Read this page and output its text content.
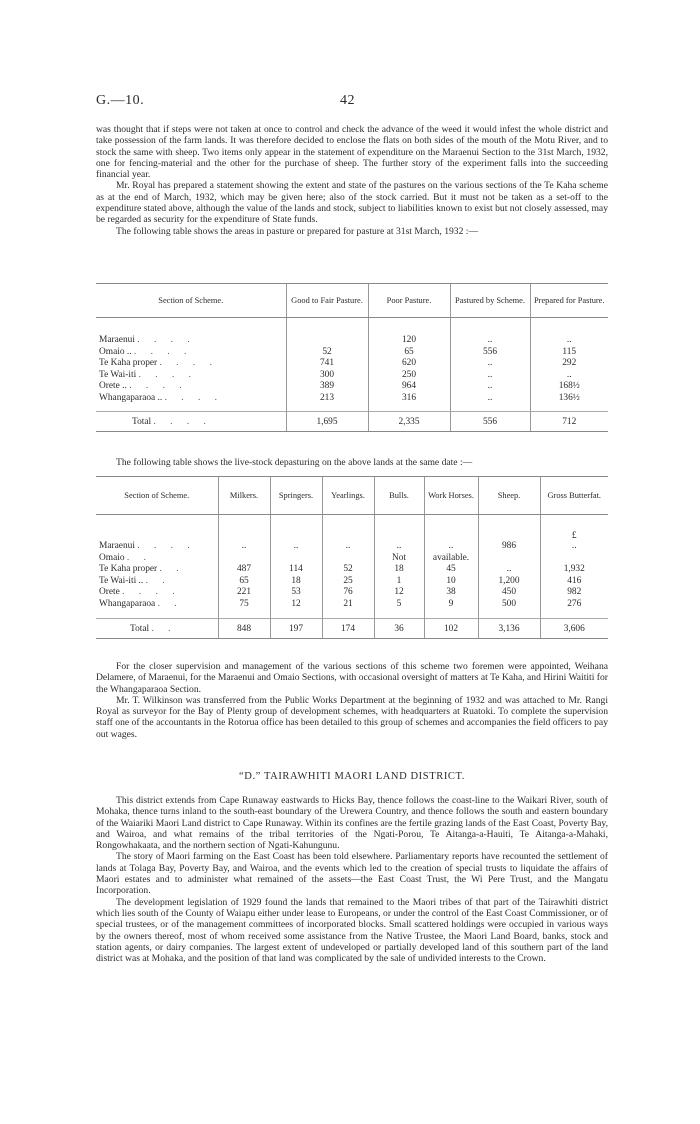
G.—10.	42

was thought that if steps were not taken at once to control and check the advance of the weed it would infest the whole district and take possession of the farm lands. It was therefore decided to enclose the flats on both sides of the mouth of the Motu River, and to stock the same with sheep. Two items only appear in the statement of expenditure on the Maraenui Section to the 31st March, 1932, one for fencing-material and the other for the purchase of sheep. The further story of the experiment falls into the succeeding financial year.

Mr. Royal has prepared a statement showing the extent and state of the pastures on the various sections of the Te Kaha scheme as at the end of March, 1932, which may be given here; also of the stock carried. But it must not be taken as a set-off to the expenditure stated above, although the value of the lands and stock, subject to liabilities known to exist but not closely assessed, may be regarded as security for the expenditure of State funds.

The following table shows the areas in pasture or prepared for pasture at 31st March, 1932 :—

Section of Scheme.	Good to Fair Pasture.	Poor Pasture.	Pastured by Scheme.	Prepared for Pasture.

Maraenui . . . .		120	..	..
Omaio .. . . . .	52	65	556	115
Te Kaha proper . . . .	741	620	..	292
Te Wai-iti . . . .	300	250	..	..
Orete .. . . . .	389	964	..	168½
Whangaparaoa .. . . . .	213	316	..	136½

Total . . . .	1,695	2,335	556	712

The following table shows the live-stock depasturing on the above lands at the same date :—

Section of Scheme.	Milkers.	Springers.	Yearlings.	Bulls.	Work Horses.	Sheep.	Gross Butterfat.
							£
Maraenui . . . .	..	..	..	..	..	986	..
Omaio . .				Not	available.		
Te Kaha proper . .	487	114	52	18	45	..	1,932
Te Wai-iti .. . .	65	18	25	1	10	1,200	416
Orete . . . .	221	53	76	12	38	450	982
Whangaparaoa . .	75	12	21	5	9	500	276

Total . .	848	197	174	36	102	3,136	3,606

For the closer supervision and management of the various sections of this scheme two foremen were appointed, Weihana Delamere, of Maraenui, for the Maraenui and Omaio Sections, with occasional oversight of matters at Te Kaha, and Hirini Waititi for the Whangaparaoa Section.

Mr. T. Wilkinson was transferred from the Public Works Department at the beginning of 1932 and was attached to Mr. Rangi Royal as surveyor for the Bay of Plenty group of development schemes, with headquarters at Ruatoki. To complete the supervision staff one of the accountants in the Rotorua office has been detailed to this group of schemes and accompanies the field officers to pay out wages.

“D.” TAIRAWHITI MAORI LAND DISTRICT.

This district extends from Cape Runaway eastwards to Hicks Bay, thence follows the coast-line to the Waikari River, south of Mohaka, thence turns inland to the south-east boundary of the Urewera Country, and thence follows the south and eastern boundary of the Waiariki Maori Land district to Cape Runaway. Within its confines are the fertile grazing lands of the East Coast, Poverty Bay, and Wairoa, and what remains of the tribal territories of the Ngati-Porou, Te Aitanga-a-Hauiti, Te Aitanga-a-Mahaki, Rongowhakaata, and the northern section of Ngati-Kahungunu.

The story of Maori farming on the East Coast has been told elsewhere. Parliamentary reports have recounted the settlement of lands at Tolaga Bay, Poverty Bay, and Wairoa, and the events which led to the creation of special trusts to liquidate the affairs of Maori estates and to administer what remained of the assets—the East Coast Trust, the Wi Pere Trust, and the Mangatu Incorporation.

The development legislation of 1929 found the lands that remained to the Maori tribes of that part of the Tairawhiti district which lies south of the County of Waiapu either under lease to Europeans, or under the control of the East Coast Commissioner, or of special trustees, or of the management committees of incorporated blocks. Small scattered holdings were occupied in various ways by the owners thereof, most of whom received some assistance from the Native Trustee, the Maori Land Board, banks, stock and station agents, or dairy companies. The largest extent of undeveloped or partially developed land of this southern part of the land district was at Mohaka, and the position of that land was complicated by the sale of undivided interests to the Crown.
